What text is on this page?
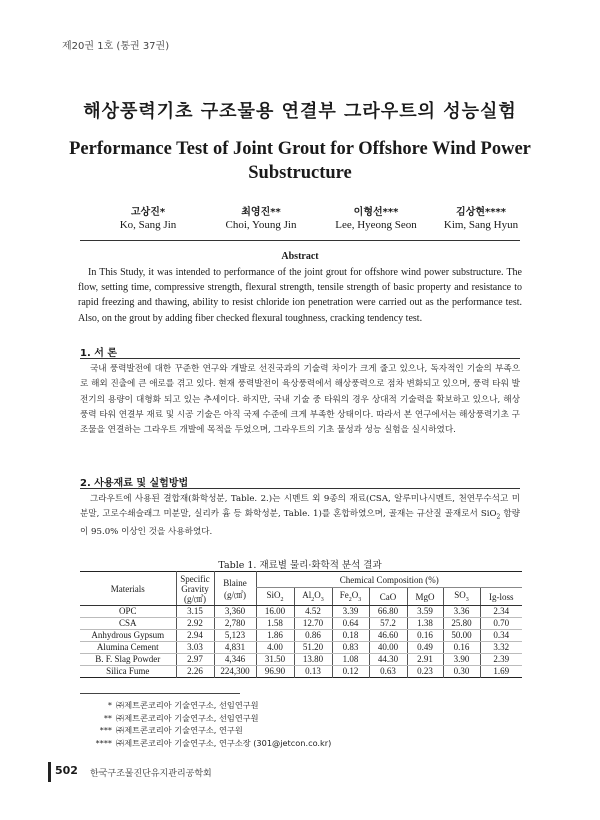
제20권 1호 (통권 37권)
해상풍력기초 구조물용 연결부 그라우트의 성능실험
Performance Test of Joint Grout for Offshore Wind Power Substructure
고상진*
Ko, Sang Jin
최영진**
Choi, Young Jin
이형선***
Lee, Hyeong Seon
김상현****
Kim, Sang Hyun
Abstract

In This Study, it was intended to performance of the joint grout for offshore wind power substructure. The flow, setting time, compressive strength, flexural strength, tensile strength of basic property and resistance to rapid freezing and thawing, ability to resist chloride ion penetration were carried out as the performance test. Also, on the grout by adding fiber checked flexural toughness, cracking tendency test.

1. 서 론

국내 풍력발전에 대한 꾸준한 연구와 개발로 선진국과의 기술력 차이가 크게 줄고 있으나, 독자적인 기술의 부족으로 해외 진출에 큰 애로를 겪고 있다. 현재 풍력발전이 육상풍력에서 해상풍력으로 점차 변화되고 있으며, 풍력 타워 발전기의 용량이 대형화 되고 있는 추세이다. 하지만, 국내 기술 중 타워의 경우 상대적 기술력을 확보하고 있으나, 해상풍력 타워 연결부 재료 및 시공 기술은 아직 국제 수준에 크게 부족한 상태이다. 따라서 본 연구에서는 해상풍력기초 구조물을 연결하는 그라우트 개발에 목적을 두었으며, 그라우트의 기초 물성과 성능 실험을 실시하였다.

2. 사용재료 및 실험방법

그라우트에 사용된 결합재(화학성분, Table. 2.)는 시멘트 외 9종의 재료(CSA, 알루미나시멘트, 천연무수석고 미분말, 고로수쇄슬래그 미분말, 실리카 흄 등 화학성분, Table. 1)를 혼합하였으며, 골재는 규산질 골재로서 SiO$_2$ 함량이 95.0% 이상인 것을 사용하였다.

Table 1. 재료별 물리·화학적 분석 결과
Materials	Specific
Gravity
(g/㎤)	Blaine
(g/㎠)	Chemical Composition (%)						
			SiO$_2$	$Al_2O_3$	$Fe_2O_3$	CaO	MgO	$SO_3$	Ig-loss
OPC	3.15	3,360	16.00	4.52	3.39	66.80	3.59	3.36	2.34
CSA	2.92	2,780	1.58	12.70	0.64	57.2	1.38	25.80	0.70
Anhydrous Gypsum	2.94	5,123	1.86	0.86	0.18	46.60	0.16	50.00	0.34
Alumina Cement	3.03	4,831	4.00	51.20	0.83	40.00	0.49	0.16	3.32
B. F. Slag Powder	2.97	4,346	31.50	13.80	1.08	44.30	2.91	3.90	2.39
Silica Fume	2.26	224,300	96.90	0.13	0.12	0.63	0.23	0.30	1.69
* ㈜제트콘코리아 기술연구소, 선임연구원
** ㈜제트콘코리아 기술연구소, 선임연구원
*** ㈜제트콘코리아 기술연구소, 연구원
**** ㈜제트콘코리아 기술연구소, 연구소장 (301@jetcon.co.kr)
502 한국구조물진단유지관리공학회
